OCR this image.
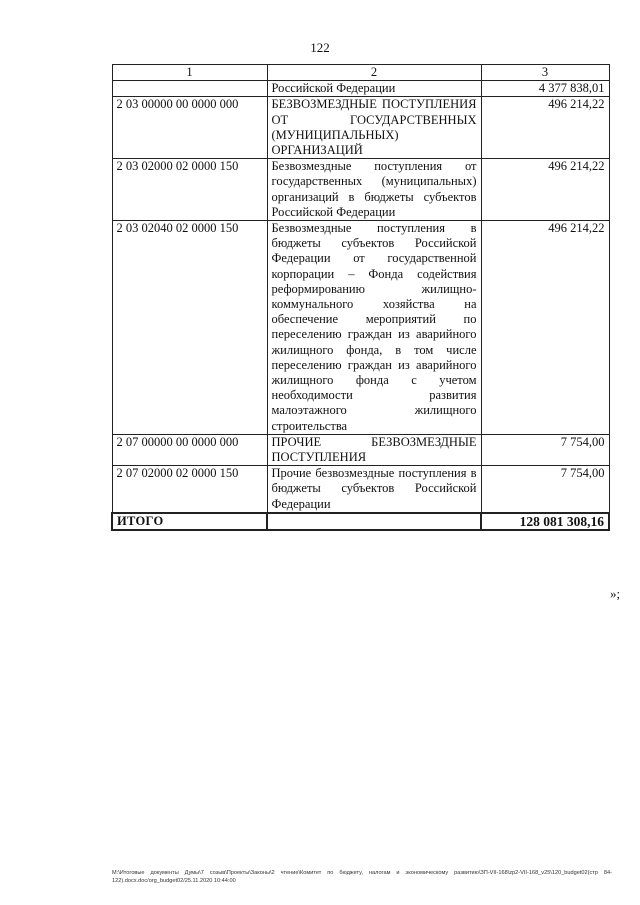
122
1	2	3
	Российской Федерации	4 377 838,01
2 03 00000 00 0000 000	БЕЗВОЗМЕЗДНЫЕ ПОСТУПЛЕНИЯ ОТ ГОСУДАРСТВЕННЫХ (МУНИЦИПАЛЬНЫХ) ОРГАНИЗАЦИЙ	496 214,22
2 03 02000 02 0000 150	Безвозмездные поступления от государственных (муниципальных) организаций в бюджеты субъектов Российской Федерации	496 214,22
2 03 02040 02 0000 150	Безвозмездные поступления в бюджеты субъектов Российской Федерации от государственной корпорации – Фонда содействия реформированию жилищно-коммунального хозяйства на обеспечение мероприятий по переселению граждан из аварийного жилищного фонда, в том числе переселению граждан из аварийного жилищного фонда с учетом необходимости развития малоэтажного жилищного строительства	496 214,22
2 07 00000 00 0000 000	ПРОЧИЕ БЕЗВОЗМЕЗДНЫЕ ПОСТУПЛЕНИЯ	7 754,00
2 07 02000 02 0000 150	Прочие безвозмездные поступления в бюджеты субъектов Российской Федерации	7 754,00
ИТОГО		128 081 308,16
»;
M:\Итоговые документы Думы\7 созыв\Проекты\Законы\2 чтение\Комитет по бюджету, налогам и экономическому развитию\ЗП-VII-168\zp2-VII-168_v25\120_budget02(стр 84-122).docx.doc/org_budget02/25.11.2020 10:44:00
